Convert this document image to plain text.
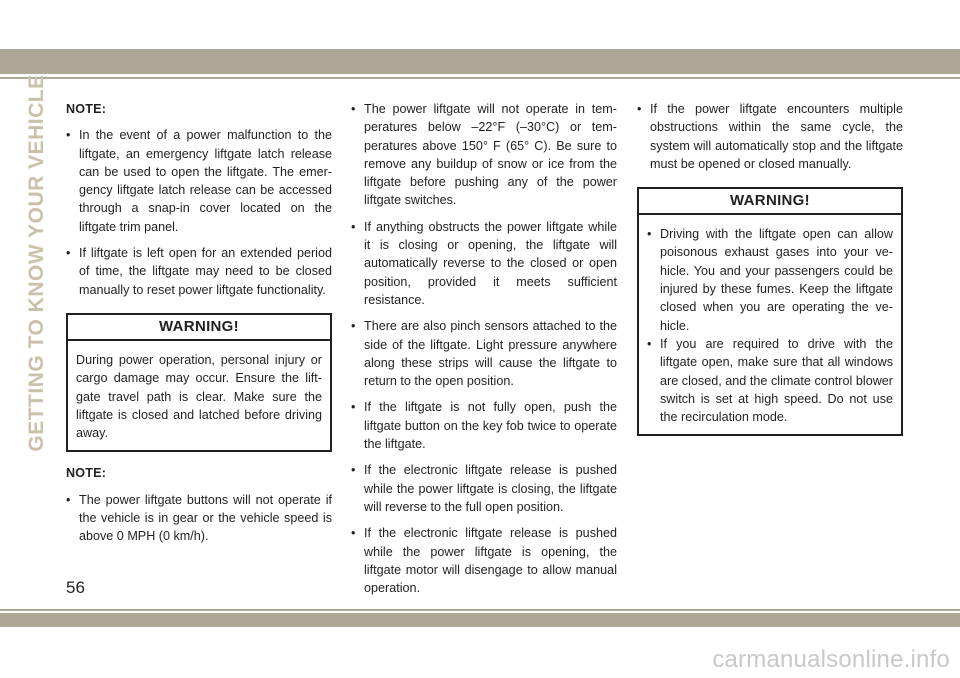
GETTING TO KNOW YOUR VEHICLE NOTE:
• In the event of a power malfunction to the liftgate, an emergency liftgate latch release can be used to open the liftgate. The emergency liftgate latch release can be accessed through a snap-in cover located on the liftgate trim panel.
• If liftgate is left open for an extended period of time, the liftgate may need to be closed manually to reset power liftgate functionality.
WARNING!
During power operation, personal injury or cargo damage may occur. Ensure the liftgate travel path is clear. Make sure the liftgate is closed and latched before driving away.
NOTE:
• The power liftgate buttons will not operate if the vehicle is in gear or the vehicle speed is above 0 MPH (0 km/h).
• The power liftgate will not operate in temperatures below –22°F (–30°C) or temperatures above 150° F (65° C). Be sure to remove any buildup of snow or ice from the liftgate before pushing any of the power liftgate switches.
• If anything obstructs the power liftgate while it is closing or opening, the liftgate will automatically reverse to the closed or open position, provided it meets sufficient resistance.
• There are also pinch sensors attached to the side of the liftgate. Light pressure anywhere along these strips will cause the liftgate to return to the open position.
• If the liftgate is not fully open, push the liftgate button on the key fob twice to operate the liftgate.
• If the electronic liftgate release is pushed while the power liftgate is closing, the liftgate will reverse to the full open position.
• If the electronic liftgate release is pushed while the power liftgate is opening, the liftgate motor will disengage to allow manual operation.
• If the power liftgate encounters multiple obstructions within the same cycle, the system will automatically stop and the liftgate must be opened or closed manually.
WARNING!
• Driving with the liftgate open can allow poisonous exhaust gases into your vehicle. You and your passengers could be injured by these fumes. Keep the liftgate closed when you are operating the vehicle.
• If you are required to drive with the liftgate open, make sure that all windows are closed, and the climate control blower switch is set at high speed. Do not use the recirculation mode.
56
carmanualsonline.info
